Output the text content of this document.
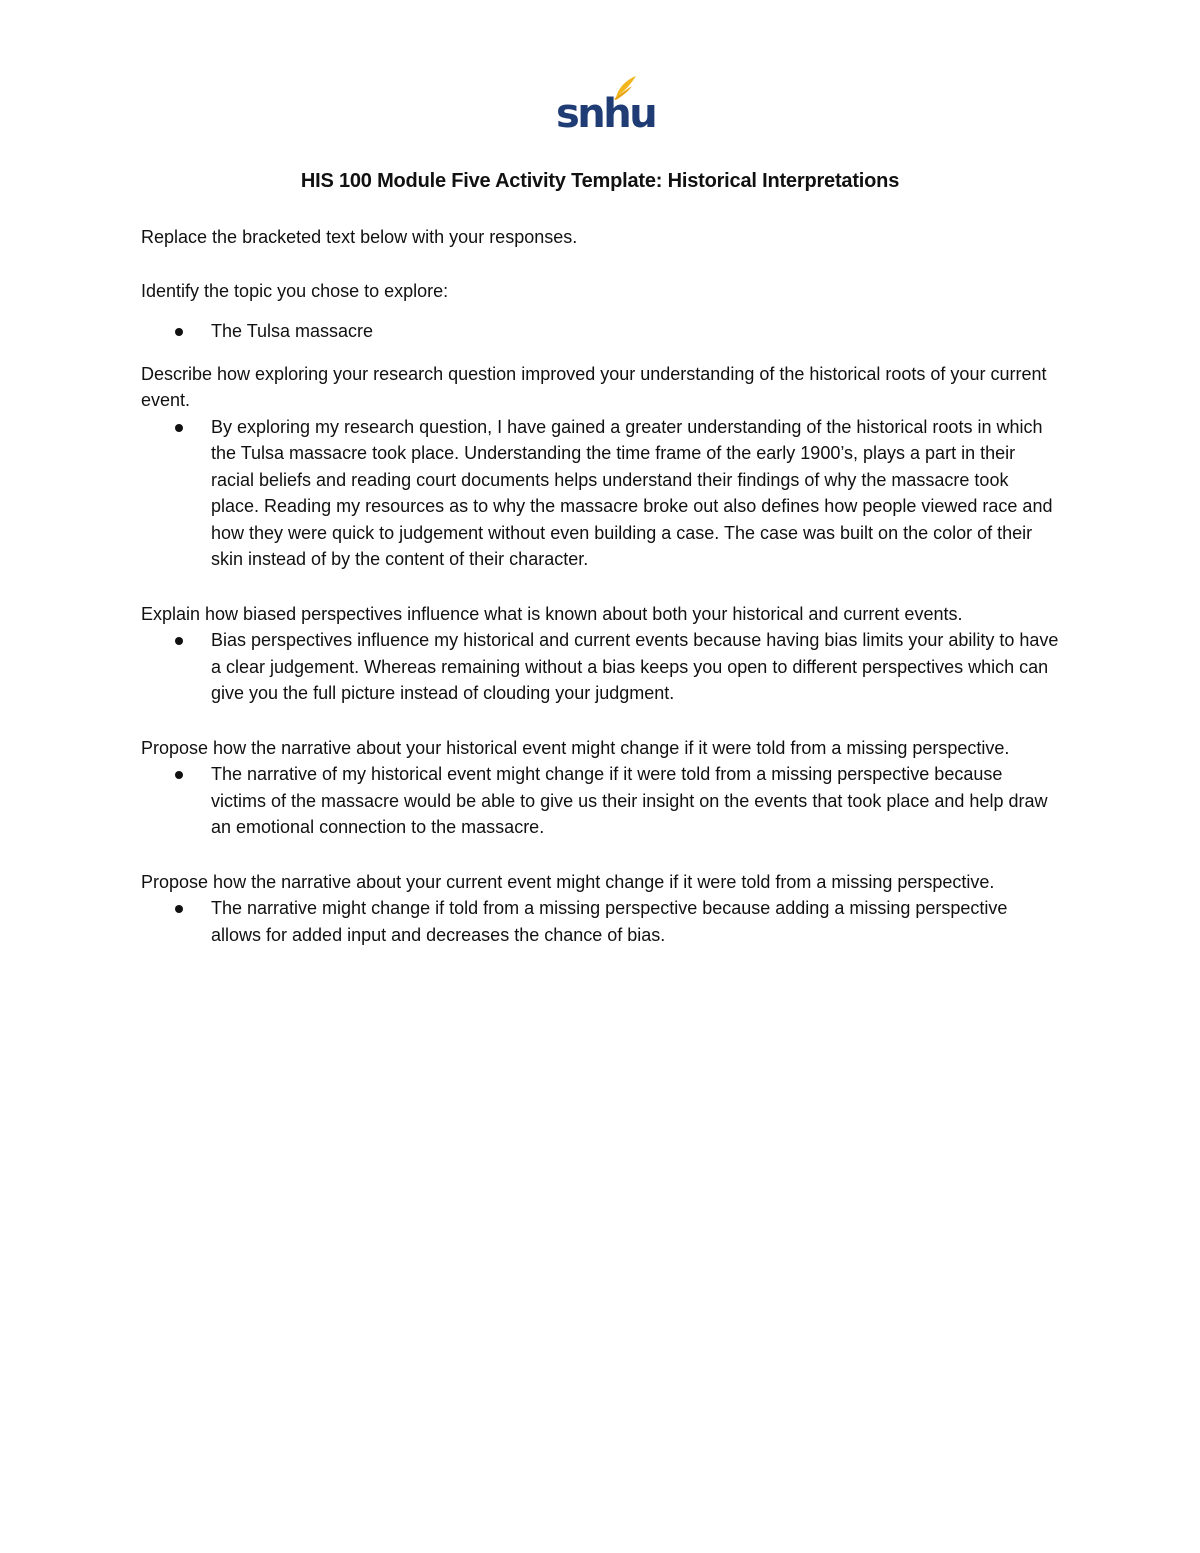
snhu
HIS 100 Module Five Activity Template: Historical Interpretations

Replace the bracketed text below with your responses.

Identify the topic you chose to explore:

The Tulsa massacre

Describe how exploring your research question improved your understanding of the historical roots of your current event.

By exploring my research question, I have gained a greater understanding of the historical roots in which the Tulsa massacre took place. Understanding the time frame of the early 1900’s, plays a part in their racial beliefs and reading court documents helps understand their findings of why the massacre took place. Reading my resources as to why the massacre broke out also defines how people viewed race and how they were quick to judgement without even building a case. The case was built on the color of their skin instead of by the content of their character.

Explain how biased perspectives influence what is known about both your historical and current events.

Bias perspectives influence my historical and current events because having bias limits your ability to have a clear judgement. Whereas remaining without a bias keeps you open to different perspectives which can give you the full picture instead of clouding your judgment.

Propose how the narrative about your historical event might change if it were told from a missing perspective.

The narrative of my historical event might change if it were told from a missing perspective because victims of the massacre would be able to give us their insight on the events that took place and help draw an emotional connection to the massacre.

Propose how the narrative about your current event might change if it were told from a missing perspective.

The narrative might change if told from a missing perspective because adding a missing perspective allows for added input and decreases the chance of bias.
